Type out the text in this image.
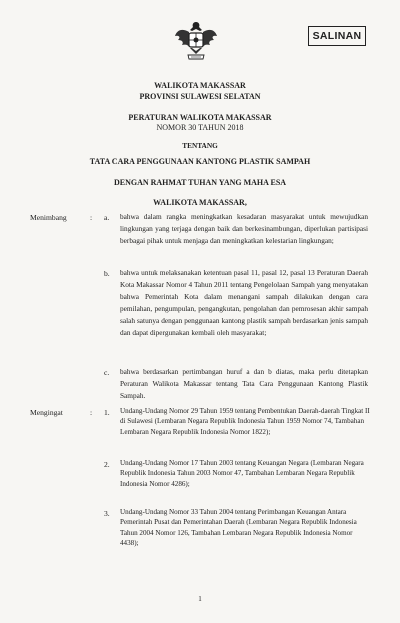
SALINAN
WALIKOTA MAKASSAR
PROVINSI SULAWESI SELATAN
PERATURAN WALIKOTA MAKASSAR
NOMOR 30 TAHUN 2018
TENTANG
TATA CARA PENGGUNAAN KANTONG PLASTIK SAMPAH
DENGAN RAHMAT TUHAN YANG MAHA ESA
WALIKOTA MAKASSAR,
Menimbang	: a. bahwa dalam rangka meningkatkan kesadaran masyarakat untuk mewujudkan lingkungan yang terjaga dengan baik dan berkesinambungan, diperlukan partisipasi berbagai pihak untuk menjaga dan meningkatkan kelestarian lingkungan;
b. bahwa untuk melaksanakan ketentuan pasal 11, pasal 12, pasal 13 Peraturan Daerah Kota Makassar Nomor 4 Tahun 2011 tentang Pengelolaan Sampah yang menyatakan bahwa Pemerintah Kota dalam menangani sampah dilakukan dengan cara pemilahan, pengumpulan, pengangkutan, pengolahan dan pemrosesan akhir sampah salah satunya dengan penggunaan kantong plastik sampah berdasarkan jenis sampah dan dapat dipergunakan kembali oleh masyarakat;
c. bahwa berdasarkan pertimbangan huruf a dan b diatas, maka perlu ditetapkan Peraturan Walikota Makassar tentang Tata Cara Penggunaan Kantong Plastik Sampah.
Mengingat	: 1. Undang-Undang Nomor 29 Tahun 1959 tentang Pembentukan Daerah-daerah Tingkat II di Sulawesi (Lembaran Negara Republik Indonesia Tahun 1959 Nomor 74, Tambahan Lembaran Negara Republik Indonesia Nomor 1822);
2. Undang-Undang Nomor 17 Tahun 2003 tentang Keuangan Negara (Lembaran Negara Republik Indonesia Tahun 2003 Nomor 47, Tambahan Lembaran Negara Republik Indonesia Nomor 4286);
3. Undang-Undang Nomor 33 Tahun 2004 tentang Perimbangan Keuangan Antara Pemerintah Pusat dan Pemerintahan Daerah (Lembaran Negara Republik Indonesia Tahun 2004 Nomor 126, Tambahan Lembaran Negara Republik Indonesia Nomor 4438);
1
